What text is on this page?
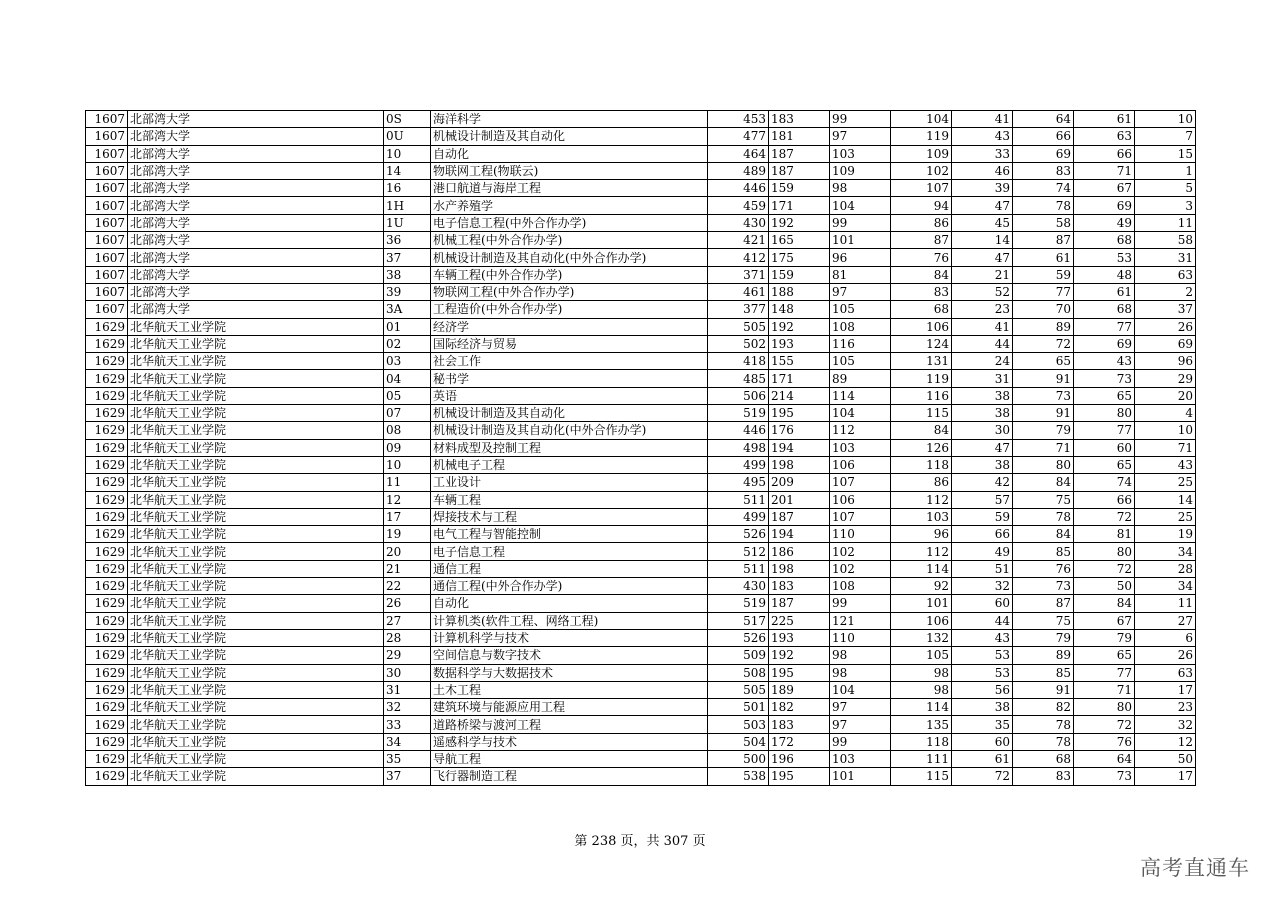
1607	北部湾大学	0S	海洋科学	453	183	99	104	41	64	61	10
1607	北部湾大学	0U	机械设计制造及其自动化	477	181	97	119	43	66	63	7
1607	北部湾大学	10	自动化	464	187	103	109	33	69	66	15
1607	北部湾大学	14	物联网工程(物联云)	489	187	109	102	46	83	71	1
1607	北部湾大学	16	港口航道与海岸工程	446	159	98	107	39	74	67	5
1607	北部湾大学	1H	水产养殖学	459	171	104	94	47	78	69	3
1607	北部湾大学	1U	电子信息工程(中外合作办学)	430	192	99	86	45	58	49	11
1607	北部湾大学	36	机械工程(中外合作办学)	421	165	101	87	14	87	68	58
1607	北部湾大学	37	机械设计制造及其自动化(中外合作办学)	412	175	96	76	47	61	53	31
1607	北部湾大学	38	车辆工程(中外合作办学)	371	159	81	84	21	59	48	63
1607	北部湾大学	39	物联网工程(中外合作办学)	461	188	97	83	52	77	61	2
1607	北部湾大学	3A	工程造价(中外合作办学)	377	148	105	68	23	70	68	37
1629	北华航天工业学院	01	经济学	505	192	108	106	41	89	77	26
1629	北华航天工业学院	02	国际经济与贸易	502	193	116	124	44	72	69	69
1629	北华航天工业学院	03	社会工作	418	155	105	131	24	65	43	96
1629	北华航天工业学院	04	秘书学	485	171	89	119	31	91	73	29
1629	北华航天工业学院	05	英语	506	214	114	116	38	73	65	20
1629	北华航天工业学院	07	机械设计制造及其自动化	519	195	104	115	38	91	80	4
1629	北华航天工业学院	08	机械设计制造及其自动化(中外合作办学)	446	176	112	84	30	79	77	10
1629	北华航天工业学院	09	材料成型及控制工程	498	194	103	126	47	71	60	71
1629	北华航天工业学院	10	机械电子工程	499	198	106	118	38	80	65	43
1629	北华航天工业学院	11	工业设计	495	209	107	86	42	84	74	25
1629	北华航天工业学院	12	车辆工程	511	201	106	112	57	75	66	14
1629	北华航天工业学院	17	焊接技术与工程	499	187	107	103	59	78	72	25
1629	北华航天工业学院	19	电气工程与智能控制	526	194	110	96	66	84	81	19
1629	北华航天工业学院	20	电子信息工程	512	186	102	112	49	85	80	34
1629	北华航天工业学院	21	通信工程	511	198	102	114	51	76	72	28
1629	北华航天工业学院	22	通信工程(中外合作办学)	430	183	108	92	32	73	50	34
1629	北华航天工业学院	26	自动化	519	187	99	101	60	87	84	11
1629	北华航天工业学院	27	计算机类(软件工程、网络工程)	517	225	121	106	44	75	67	27
1629	北华航天工业学院	28	计算机科学与技术	526	193	110	132	43	79	79	6
1629	北华航天工业学院	29	空间信息与数字技术	509	192	98	105	53	89	65	26
1629	北华航天工业学院	30	数据科学与大数据技术	508	195	98	98	53	85	77	63
1629	北华航天工业学院	31	土木工程	505	189	104	98	56	91	71	17
1629	北华航天工业学院	32	建筑环境与能源应用工程	501	182	97	114	38	82	80	23
1629	北华航天工业学院	33	道路桥梁与渡河工程	503	183	97	135	35	78	72	32
1629	北华航天工业学院	34	遥感科学与技术	504	172	99	118	60	78	76	12
1629	北华航天工业学院	35	导航工程	500	196	103	111	61	68	64	50
1629	北华航天工业学院	37	飞行器制造工程	538	195	101	115	72	83	73	17
第 238 页，共 307 页
高考直通车
